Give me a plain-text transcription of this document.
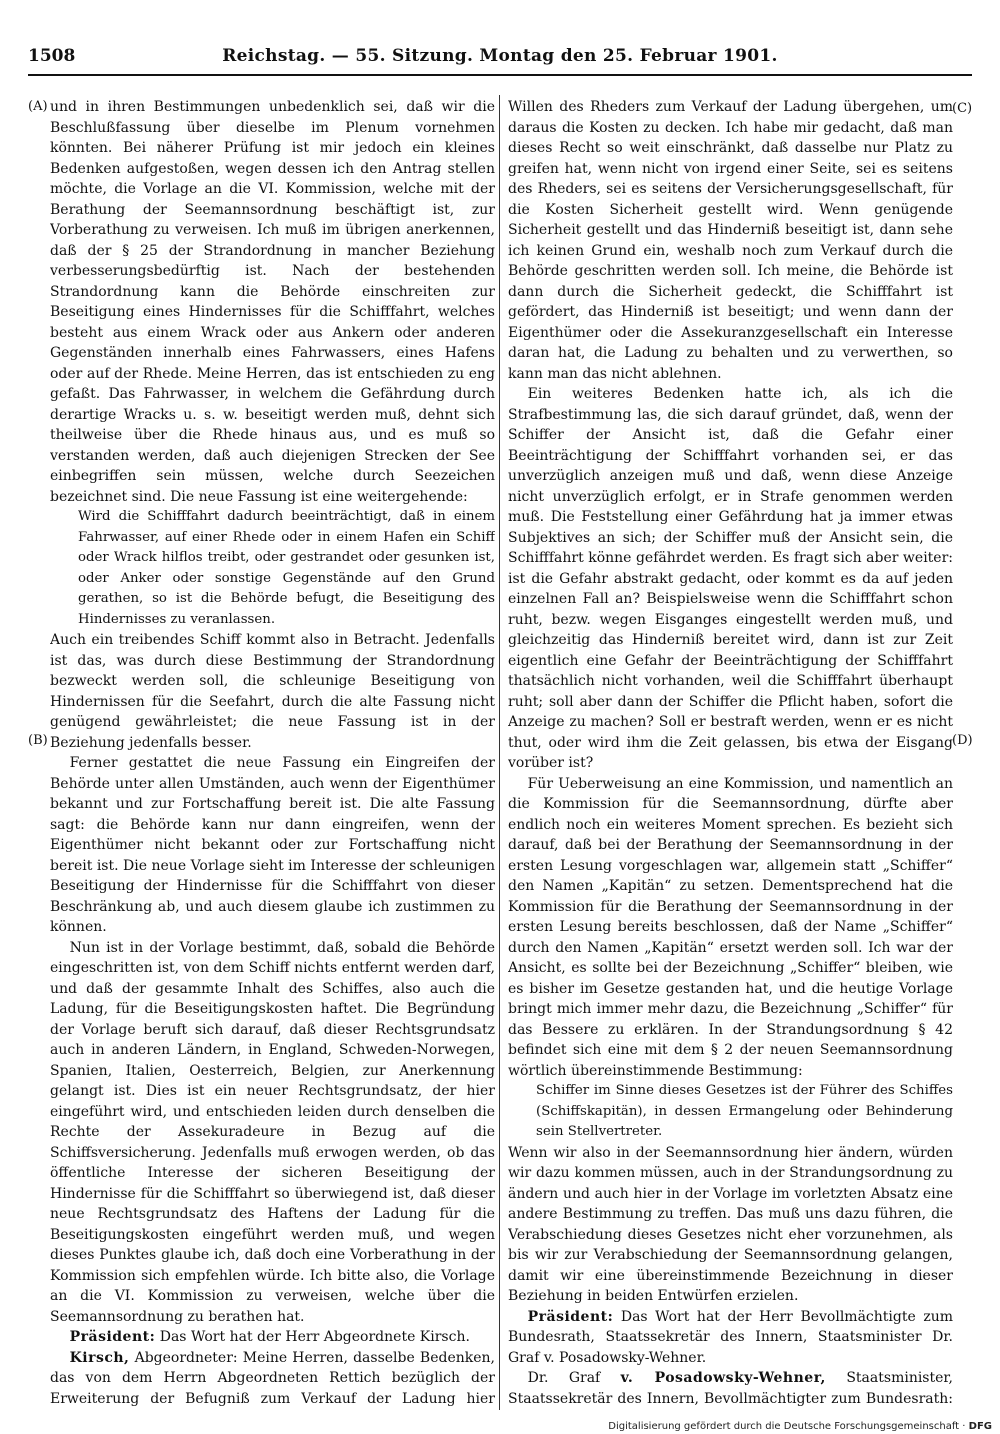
1508	Reichstag. — 55. Sitzung. Montag den 25. Februar 1901.
(A)
(B)
(C)
(D)

und in ihren Bestimmungen unbedenklich sei, daß wir die Beschlußfassung über dieselbe im Plenum vornehmen könnten. Bei näherer Prüfung ist mir jedoch ein kleines Bedenken aufgestoßen, wegen dessen ich den Antrag stellen möchte, die Vorlage an die VI. Kommission, welche mit der Berathung der Seemannsordnung beschäftigt ist, zur Vorberathung zu verweisen. Ich muß im übrigen anerkennen, daß der § 25 der Strandordnung in mancher Beziehung verbesserungsbedürftig ist. Nach der bestehenden Strandordnung kann die Behörde einschreiten zur Beseitigung eines Hindernisses für die Schifffahrt, welches besteht aus einem Wrack oder aus Ankern oder anderen Gegenständen innerhalb eines Fahrwassers, eines Hafens oder auf der Rhede. Meine Herren, das ist entschieden zu eng gefaßt. Das Fahrwasser, in welchem die Gefährdung durch derartige Wracks u. s. w. beseitigt werden muß, dehnt sich theilweise über die Rhede hinaus aus, und es muß so verstanden werden, daß auch diejenigen Strecken der See einbegriffen sein müssen, welche durch Seezeichen bezeichnet sind. Die neue Fassung ist eine weitergehende:

Wird die Schifffahrt dadurch beeinträchtigt, daß in einem Fahrwasser, auf einer Rhede oder in einem Hafen ein Schiff oder Wrack hilflos treibt, oder gestrandet oder gesunken ist, oder Anker oder sonstige Gegenstände auf den Grund gerathen, so ist die Behörde befugt, die Beseitigung des Hindernisses zu veranlassen.

Auch ein treibendes Schiff kommt also in Betracht. Jedenfalls ist das, was durch diese Bestimmung der Strandordnung bezweckt werden soll, die schleunige Beseitigung von Hindernissen für die Seefahrt, durch die alte Fassung nicht genügend gewährleistet; die neue Fassung ist in der Beziehung jedenfalls besser.

Ferner gestattet die neue Fassung ein Eingreifen der Behörde unter allen Umständen, auch wenn der Eigenthümer bekannt und zur Fortschaffung bereit ist. Die alte Fassung sagt: die Behörde kann nur dann eingreifen, wenn der Eigenthümer nicht bekannt oder zur Fortschaffung nicht bereit ist. Die neue Vorlage sieht im Interesse der schleunigen Beseitigung der Hindernisse für die Schifffahrt von dieser Beschränkung ab, und auch diesem glaube ich zustimmen zu können.

Nun ist in der Vorlage bestimmt, daß, sobald die Behörde eingeschritten ist, von dem Schiff nichts entfernt werden darf, und daß der gesammte Inhalt des Schiffes, also auch die Ladung, für die Beseitigungskosten haftet. Die Begründung der Vorlage beruft sich darauf, daß dieser Rechtsgrundsatz auch in anderen Ländern, in England, Schweden-Norwegen, Spanien, Italien, Oesterreich, Belgien, zur Anerkennung gelangt ist. Dies ist ein neuer Rechtsgrundsatz, der hier eingeführt wird, und entschieden leiden durch denselben die Rechte der Assekuradeure in Bezug auf die Schiffsversicherung. Jedenfalls muß erwogen werden, ob das öffentliche Interesse der sicheren Beseitigung der Hindernisse für die Schifffahrt so überwiegend ist, daß dieser neue Rechtsgrundsatz des Haftens der Ladung für die Beseitigungskosten eingeführt werden muß, und wegen dieses Punktes glaube ich, daß doch eine Vorberathung in der Kommission sich empfehlen würde. Ich bitte also, die Vorlage an die VI. Kommission zu verweisen, welche über die Seemannsordnung zu berathen hat.

Präsident: Das Wort hat der Herr Abgeordnete Kirsch.

Kirsch, Abgeordneter: Meine Herren, dasselbe Bedenken, das von dem Herrn Abgeordneten Rettich bezüglich der Erweiterung der Befugniß zum Verkauf der Ladung hier

Willen des Rheders zum Verkauf der Ladung übergehen, um daraus die Kosten zu decken. Ich habe mir gedacht, daß man dieses Recht so weit einschränkt, daß dasselbe nur Platz zu greifen hat, wenn nicht von irgend einer Seite, sei es seitens des Rheders, sei es seitens der Versicherungsgesellschaft, für die Kosten Sicherheit gestellt wird. Wenn genügende Sicherheit gestellt und das Hinderniß beseitigt ist, dann sehe ich keinen Grund ein, weshalb noch zum Verkauf durch die Behörde geschritten werden soll. Ich meine, die Behörde ist dann durch die Sicherheit gedeckt, die Schifffahrt ist gefördert, das Hinderniß ist beseitigt; und wenn dann der Eigenthümer oder die Assekuranzgesellschaft ein Interesse daran hat, die Ladung zu behalten und zu verwerthen, so kann man das nicht ablehnen.

Ein weiteres Bedenken hatte ich, als ich die Strafbestimmung las, die sich darauf gründet, daß, wenn der Schiffer der Ansicht ist, daß die Gefahr einer Beeinträchtigung der Schifffahrt vorhanden sei, er das unverzüglich anzeigen muß und daß, wenn diese Anzeige nicht unverzüglich erfolgt, er in Strafe genommen werden muß. Die Feststellung einer Gefährdung hat ja immer etwas Subjektives an sich; der Schiffer muß der Ansicht sein, die Schifffahrt könne gefährdet werden. Es fragt sich aber weiter: ist die Gefahr abstrakt gedacht, oder kommt es da auf jeden einzelnen Fall an? Beispielsweise wenn die Schifffahrt schon ruht, bezw. wegen Eisganges eingestellt werden muß, und gleichzeitig das Hinderniß bereitet wird, dann ist zur Zeit eigentlich eine Gefahr der Beeinträchtigung der Schifffahrt thatsächlich nicht vorhanden, weil die Schifffahrt überhaupt ruht; soll aber dann der Schiffer die Pflicht haben, sofort die Anzeige zu machen? Soll er bestraft werden, wenn er es nicht thut, oder wird ihm die Zeit gelassen, bis etwa der Eisgang vorüber ist?

Für Ueberweisung an eine Kommission, und namentlich an die Kommission für die Seemannsordnung, dürfte aber endlich noch ein weiteres Moment sprechen. Es bezieht sich darauf, daß bei der Berathung der Seemannsordnung in der ersten Lesung vorgeschlagen war, allgemein statt „Schiffer“ den Namen „Kapitän“ zu setzen. Dementsprechend hat die Kommission für die Berathung der Seemannsordnung in der ersten Lesung bereits beschlossen, daß der Name „Schiffer“ durch den Namen „Kapitän“ ersetzt werden soll. Ich war der Ansicht, es sollte bei der Bezeichnung „Schiffer“ bleiben, wie es bisher im Gesetze gestanden hat, und die heutige Vorlage bringt mich immer mehr dazu, die Bezeichnung „Schiffer“ für das Bessere zu erklären. In der Strandungsordnung § 42 befindet sich eine mit dem § 2 der neuen Seemannsordnung wörtlich übereinstimmende Bestimmung:

Schiffer im Sinne dieses Gesetzes ist der Führer des Schiffes (Schiffskapitän), in dessen Ermangelung oder Behinderung sein Stellvertreter.

Wenn wir also in der Seemannsordnung hier ändern, würden wir dazu kommen müssen, auch in der Strandungsordnung zu ändern und auch hier in der Vorlage im vorletzten Absatz eine andere Bestimmung zu treffen. Das muß uns dazu führen, die Verabschiedung dieses Gesetzes nicht eher vorzunehmen, als bis wir zur Verabschiedung der Seemannsordnung gelangen, damit wir eine übereinstimmende Bezeichnung in dieser Beziehung in beiden Entwürfen erzielen.

Präsident: Das Wort hat der Herr Bevollmächtigte zum Bundesrath, Staatssekretär des Innern, Staatsminister Dr. Graf v. Posadowsky-Wehner.

Dr. Graf v. Posadowsky-Wehner, Staatsminister, Staatssekretär des Innern, Bevollmächtigter zum Bundesrath:

Digitalisierung gefördert durch die Deutsche Forschungsgemeinschaft · DFG
